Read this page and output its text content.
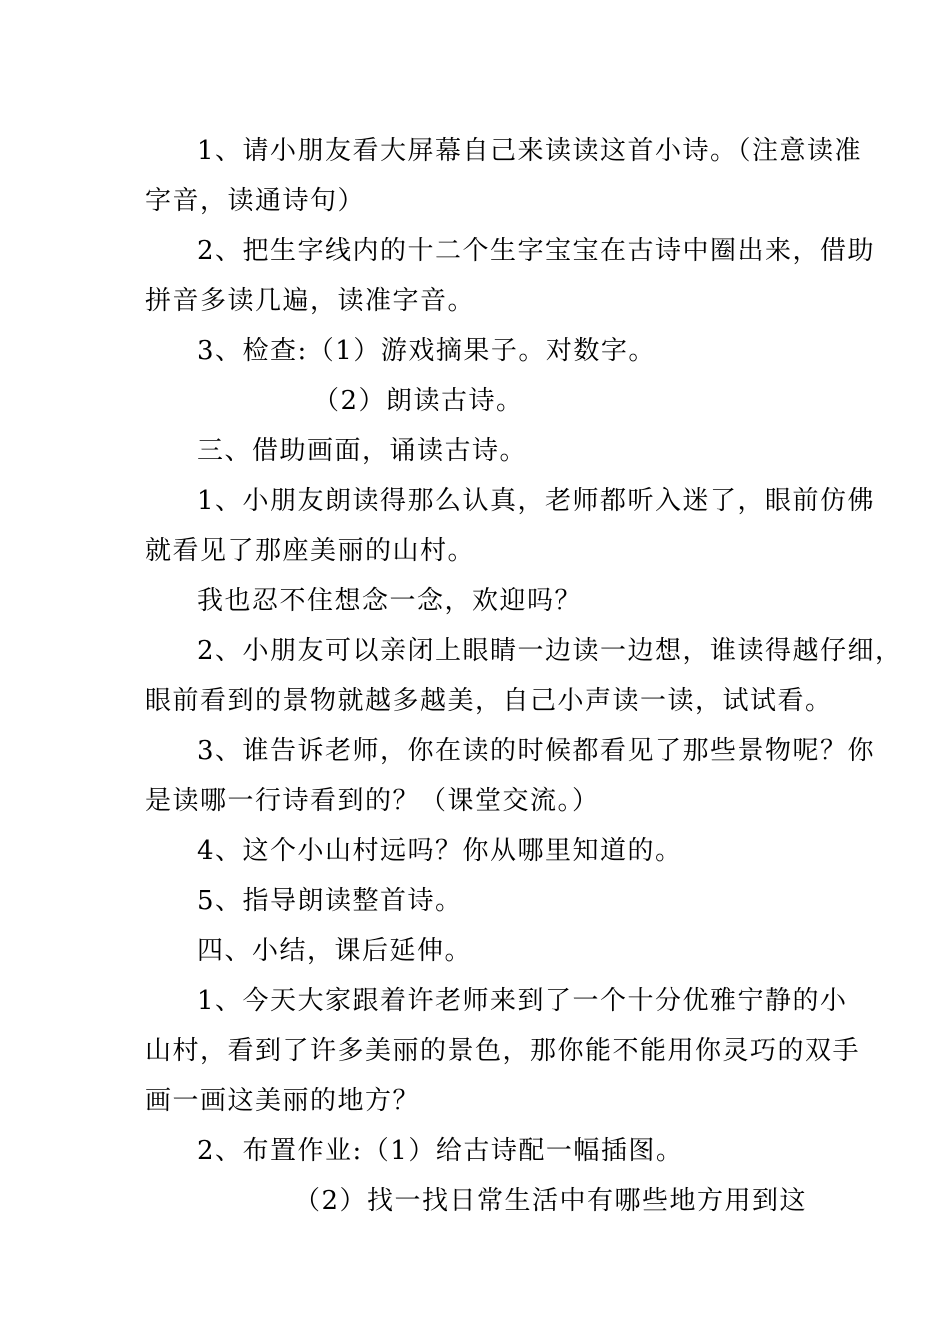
1、请小朋友看大屏幕自己来读读这首小诗。（注意读准

字音，读通诗句）

2、把生字线内的十二个生字宝宝在古诗中圈出来，借助

拼音多读几遍，读准字音。

3、检查:（1）游戏摘果子。对数字。

（2）朗读古诗。

三、借助画面，诵读古诗。

1、小朋友朗读得那么认真，老师都听入迷了，眼前仿佛

就看见了那座美丽的山村。

我也忍不住想念一念，欢迎吗？

2、小朋友可以亲闭上眼睛一边读一边想，谁读得越仔细，

眼前看到的景物就越多越美，自己小声读一读，试试看。

3、谁告诉老师，你在读的时候都看见了那些景物呢？你

是读哪一行诗看到的？（课堂交流。）

4、这个小山村远吗？你从哪里知道的。

5、指导朗读整首诗。

四、小结，课后延伸。

1、今天大家跟着许老师来到了一个十分优雅宁静的小

山村，看到了许多美丽的景色，那你能不能用你灵巧的双手

画一画这美丽的地方？

2、布置作业:（1）给古诗配一幅插图。

（2）找一找日常生活中有哪些地方用到这
